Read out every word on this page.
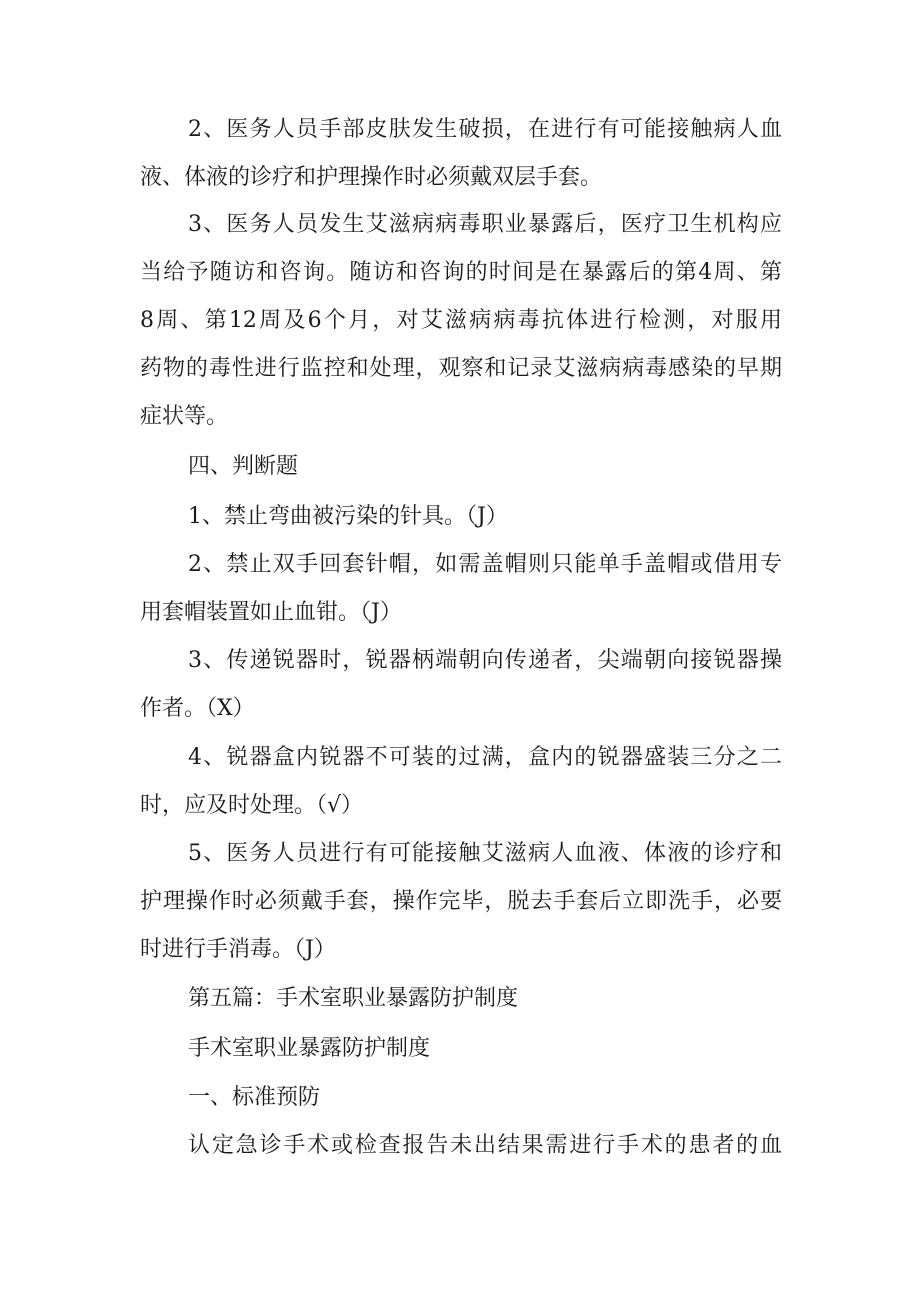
2、医务人员手部皮肤发生破损，在进行有可能接触病人血
液、体液的诊疗和护理操作时必须戴双层手套。
3、医务人员发生艾滋病病毒职业暴露后，医疗卫生机构应
当给予随访和咨询。随访和咨询的时间是在暴露后的第4周、第
8周、第12周及6个月，对艾滋病病毒抗体进行检测，对服用
药物的毒性进行监控和处理，观察和记录艾滋病病毒感染的早期
症状等。
四、判断题
1、禁止弯曲被污染的针具。（J）
2、禁止双手回套针帽，如需盖帽则只能单手盖帽或借用专
用套帽装置如止血钳。（J）
3、传递锐器时，锐器柄端朝向传递者，尖端朝向接锐器操
作者。（X）
4、锐器盒内锐器不可装的过满，盒内的锐器盛装三分之二
时，应及时处理。（√）
5、医务人员进行有可能接触艾滋病人血液、体液的诊疗和
护理操作时必须戴手套，操作完毕，脱去手套后立即洗手，必要
时进行手消毒。（J）
第五篇：手术室职业暴露防护制度
手术室职业暴露防护制度
一、标准预防
认定急诊手术或检查报告未出结果需进行手术的患者的血
